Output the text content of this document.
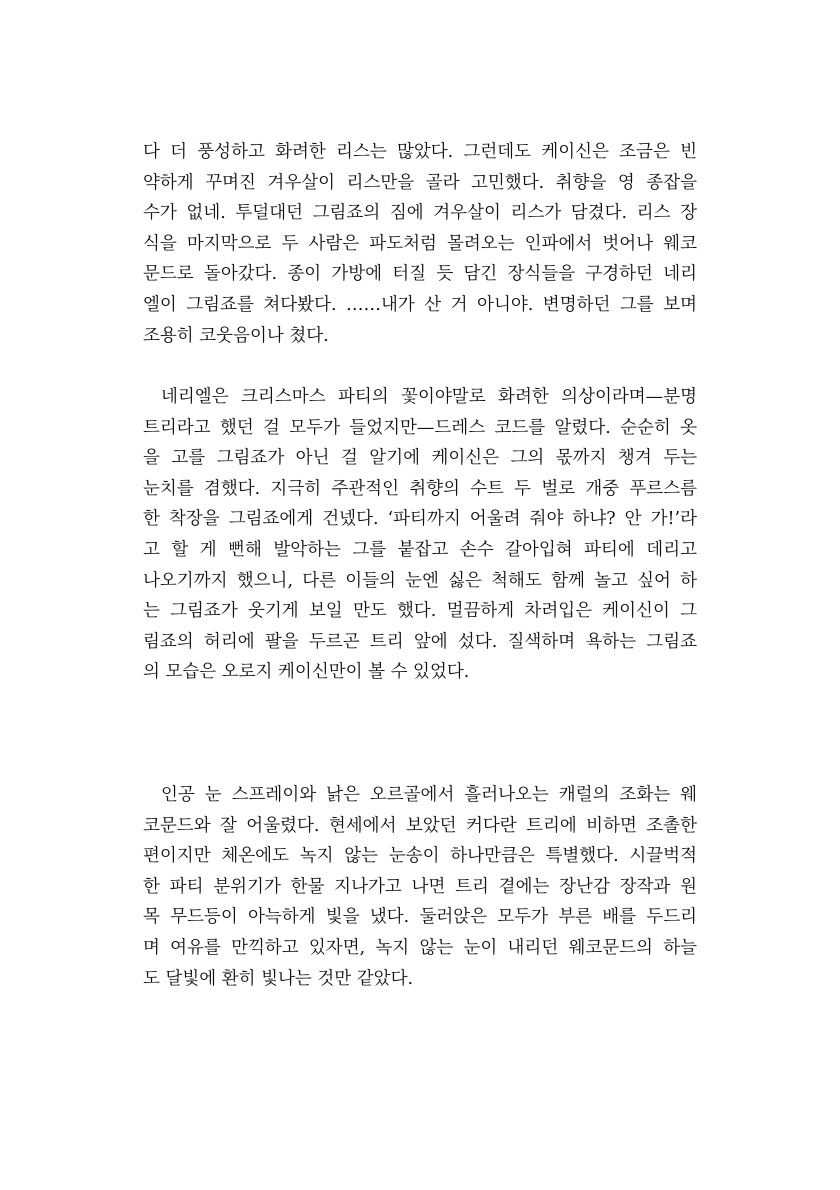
다 더 풍성하고 화려한 리스는 많았다. 그런데도 케이신은 조금은 빈
약하게 꾸며진 겨우살이 리스만을 골라 고민했다. 취향을 영 종잡을
수가 없네. 투덜대던 그림죠의 짐에 겨우살이 리스가 담겼다. 리스 장
식을 마지막으로 두 사람은 파도처럼 몰려오는 인파에서 벗어나 웨코
문드로 돌아갔다. 종이 가방에 터질 듯 담긴 장식들을 구경하던 네리
엘이 그림죠를 쳐다봤다. ……내가 산 거 아니야. 변명하던 그를 보며
조용히 코웃음이나 쳤다.
네리엘은 크리스마스 파티의 꽃이야말로 화려한 의상이라며—분명
트리라고 했던 걸 모두가 들었지만—드레스 코드를 알렸다. 순순히 옷
을 고를 그림죠가 아닌 걸 알기에 케이신은 그의 몫까지 챙겨 두는
눈치를 겸했다. 지극히 주관적인 취향의 수트 두 벌로 개중 푸르스름
한 착장을 그림죠에게 건넸다. ‘파티까지 어울려 줘야 하냐? 안 가!’라
고 할 게 뻔해 발악하는 그를 붙잡고 손수 갈아입혀 파티에 데리고
나오기까지 했으니, 다른 이들의 눈엔 싫은 척해도 함께 놀고 싶어 하
는 그림죠가 웃기게 보일 만도 했다. 멀끔하게 차려입은 케이신이 그
림죠의 허리에 팔을 두르곤 트리 앞에 섰다. 질색하며 욕하는 그림죠
의 모습은 오로지 케이신만이 볼 수 있었다.
인공 눈 스프레이와 낡은 오르골에서 흘러나오는 캐럴의 조화는 웨
코문드와 잘 어울렸다. 현세에서 보았던 커다란 트리에 비하면 조촐한
편이지만 체온에도 녹지 않는 눈송이 하나만큼은 특별했다. 시끌벅적
한 파티 분위기가 한물 지나가고 나면 트리 곁에는 장난감 장작과 원
목 무드등이 아늑하게 빛을 냈다. 둘러앉은 모두가 부른 배를 두드리
며 여유를 만끽하고 있자면, 녹지 않는 눈이 내리던 웨코문드의 하늘
도 달빛에 환히 빛나는 것만 같았다.
